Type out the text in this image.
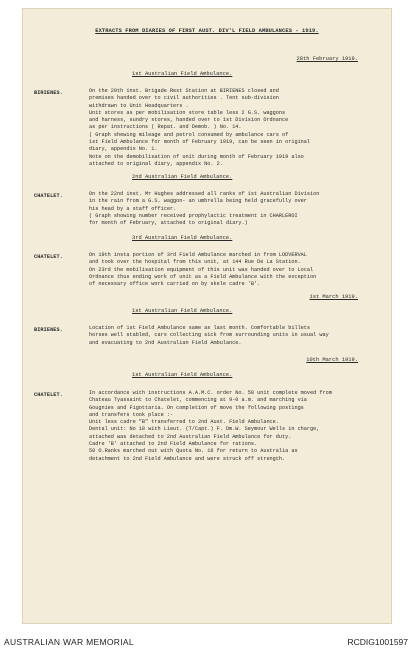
EXTRACTS FROM DIARIES OF FIRST AUST. DIV'L FIELD AMBULANCES - 1919.
28th February 1919.
1st Australian Field Ambulance.
BIRIENES.	On the 20th inst. Brigade Rest Station at BIRIENES closed and
premises handed over to civil authorities . Tent sub-division
withdrawn to Unit Headquarters .
Unit stores as per mobilisation store table less 2 G.S. waggons
and harness, sundry stores, handed over to 1st Division Ordnance
as per instructions ( Repat. and Demob. ) No. 14.
( Graph shewing mileage and petrol consumed by ambulance cars of
1st Field Ambulance for month of February 1919, can be seen in original
diary, appendix No. 1.
Note on the demobilisation of unit during month of February 1919 also
attached to original diary, appendix No. 2.
2nd Australian Field Ambulance.
CHATELET.	On the 22nd inst. Mr Hughes addressed all ranks of 1st Australian Division
in the rain from a G.S. waggon- an umbrella being held gracefully over
his head by a staff officer.
( Graph showing number received prophylactic treatment in CHARLEROI
for month of February, attached to original diary.)
3rd Australian Field Ambulance.
CHATELET.	On 19th insta portion of 3rd Field Ambulance marched in from LODVERVAL
and took over the hospital from this unit, at 144 Rue De La Station.
On 23rd the mobilisation equipment of this unit was handed over to Local
Ordnance thus ending work of unit as a Field Ambulance with the exception
of necessary office work carried on by skele cadre 'B'.
1st March 1919.
1st Australian Field Ambulance.
BIRIENES.	Location of 1st Field Ambulance same as last month. Comfortable billets
horses well stabled, cars collecting sick from surrounding units in usual way
and evacuating to 2nd Australian Field Ambulance.
10th March 1919.
1st Australian Field Ambulance.
CHATELET.	In accordance with instructions A.A.M.C. order No. 58 unit complete moved from
Chateau Tyassaint to Chatelet, commencing at 9-0 a.m. and marching via
Gougnies and Figottaria. On completion of move the following postings
and transfers took place :-
Unit less cadre "B" transferred to 2nd Aust. Field Ambulance.
Dental unit: No 18 with Lieut. (T/Capt.) F. Dm.W. Seymour Wells in charge,
attached was detached to 2nd Australian Field Ambulance for duty.
Cadre 'B' attached to 2nd Field Ambulance for rations.
50 O.Ranks marched out with Quota No. 16 for return to Australia as
detachment to 2nd Field Ambulance and were struck off strength.
AUSTRALIAN WAR MEMORIAL	RCDIG1001597
